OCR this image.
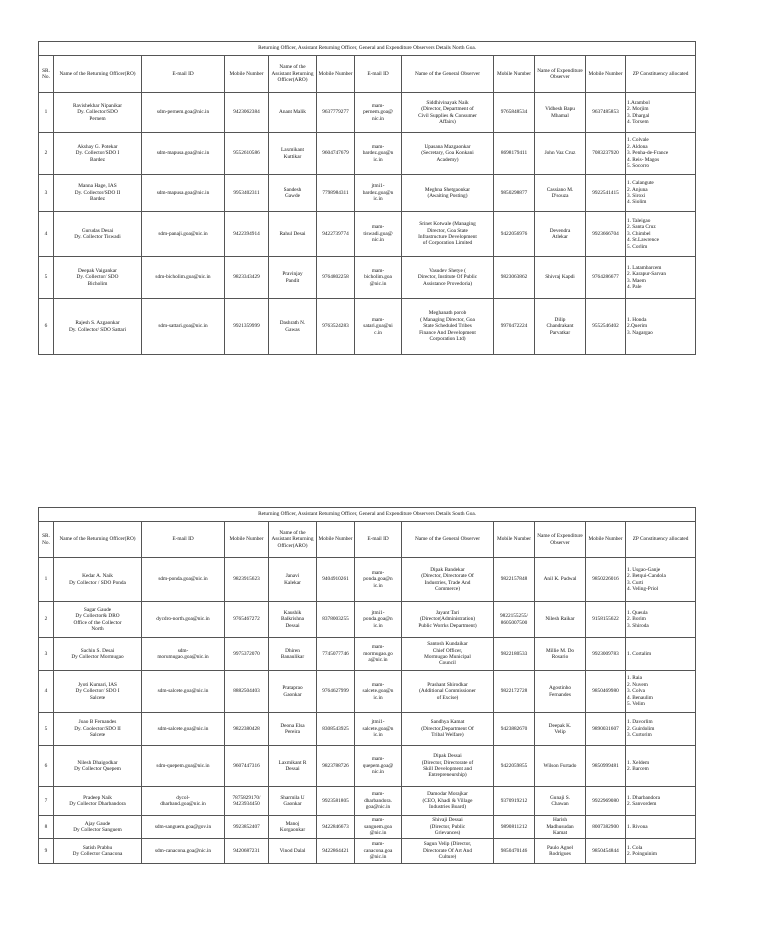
Returning Officer, Assistant Returning Officer, General and Expenditure Observers Details North Goa.											
SR. No.	Name of the Returning Officer(RO)	E-mail ID	Mobile Number	Name of the Assistant Returning Officer(ARO)	Mobile Number	E-mail ID	Name of the General Observer	Mobile Number	Name of Expenditure Observer	Mobile Number	ZP Constituency allocated
1	Ravishekhar Nipanikar
Dy. Collector/SDO
Pernem	sdm-pernem.goa@nic.in	9423062384	Anant Malik	9637779277	mam-
pernem.goa@
nic.in	Siddhivinayak Naik
(Director, Department of
Civil Supplies & Consumer
Affairs)	9765848534	Vidhesh Bapu
Mhamal	9637485853	1.Arambol
2. Morjim
3. Dhargal
4. Torxem
2	Akshay G. Potekar
Dy. Collector/SDO I
Bardez	sdm-mapusa.goa@nic.in	9552610586	Laxmikant
Kuttikar	9604747679	mam-
bardez.goa@n
ic.in	Upasana Mazgaonkar
(Secretary, Goa Konkani
Academy)	8698179411	John Vaz Cruz	7083237920	1. Colvale
2. Aldona
3. Penha-de-France
4. Reis- Magos
5. Socorro
3	Manna Hage, IAS
Dy. Collector/SDO II
Bardez	sdm-mapusa.goa@nic.in	9953402311	Sandesh
Gawde	7798984311	jtmi1-
bardez.goa@n
ic.in	Meghna Shetgaonkar
(Awaiting Posting)	9850298877	Cassiano M.
D'souza	9922541415	1. Calangute
2. Anjuna
3. Siroxi
4. Siolim
4	Gurudas Desai
Dy. Collector Tiswadi	sdm-panaji.goa@nic.in	9422394914	Rahul Desai	9422739774	mam-
tiswadi.goa@
nic.in	Srinet Kotwale (Managing
Director, Goa State
Infrastructure Development
of Corporation Limited	9422056976	Devendra
Atlekar	9923666704	1. Taleigao
2. Santa Cruz
3. Chimbel
4. St.Lawrence
5. Corlim
5	Deepak Vaigankar
Dy. Collector/ SDO
Bicholim	sdm-bicholim.goa@nic.in	9823343429	Pravinjay
Pandit	9764802258	mam-
bicholim.goa
@nic.in	Vasudev Shetye (
Director, Institute Of Public
Assistance Provedoria)	9823063862	Shivraj Kapdi	9764286677	1. Latambarcem
2. Karapur-Sarvan
3. Maem
4. Pale
6	Rajesh S. Azgaonkar
Dy. Collector/ SDO Sattari	sdm-sattari.goa@nic.in	9921359999	Dashrath N.
Gawas	9763524283	mam-
satari.goa@ni
c.in	Meghanath porob
( Managing Director, Goa
State Scheduled Tribes
Finance And Development
Corporation Ltd)	9970472224	Dilip
Chandrakant
Parvatkar	9552546402	1. Honda
2.Querim
3. Nagargao
Returning Officer, Assistant Returning Officer, General and Expenditure Observers Details South Goa.											
SR. No.	Name of the Returning Officer(RO)	E-mail ID	Mobile Number	Name of the Assistant Returning Officer(ARO)	Mobile Number	E-mail ID	Name of the General Observer	Mobile Number	Name of Expenditure Observer	Mobile Number	ZP Constituency allocated
1	Kedar A. Naik
Dy Collector / SDO Ponda	sdm-ponda.goa@nic.in	9823915623	Janavi
Kalekar	9404910261	mam-
ponda.goa@n
ic.in	Dipak Bandekar
(Director, Directorate Of
Industries, Trade And
Commerce)	9822157848	Anil K. Padwal	9850226016	1. Usgao-Ganje
2. Betqui-Candola
3. Curti
4. Veling-Priol
2	Sagar Gaude
Dy Collector& DRO
Office of the Collector
North	dycdro-north.goa@nic.in	9765467272	Kaushik
Balkrishna
Dessai	8378003255	jtmi1-
ponda.goa@n
ic.in	Jayant Tari
(Director(Administration)
Public Worrks Department)	9822155255/
8605007500	Nilesh Raikar	9158155622	1. Queula
2. Borim
3. Shiroda
3	Sachin S. Desai
Dy Collector Mormugao	sdm-
morumugao.goa@nic.in	9975372070	Dhiren
Banaulikar	7745077746	mam-
mormugao.go
a@nic.in	Santosh Kundaikar
Chief Officer,
Mormugao Municipal
Council	9822180533	Millie M. Do
Rosario	9923009783	1. Cortalim
4	Jyoti Kumari, IAS
Dy Collector/ SDO I
Salcete	sdm-salcete.goa@nic.in	8882504403	Prataprao
Gaonkar	9764627999	mam-
salcete.goa@n
ic.in	Prashant Shirodkar
(Additional Commissioner
of Excise)	9822172728	Agostinho
Fernandes	9850469980	1. Raia
2. Nuvem
3. Colva
4. Benaulim
5. Velim
5	Joao B Fernandes
Dy. Coolector/SDO II
Salcete	sdm-salcete.goa@nic.in	9822380428	Deona Elsa
Pereira	8308543925	jtmi1-
salcete.goa@n
ic.in	Sandhya Kamat
(Director,Department Of
Tribal Welfare)	9423882670	Deepak K.
Velip	9890031607	1. Davorlim
2. Guirdolim
3. Curtorim
6	Nilesh Dhaigodkar
Dy Collector Quepem	sdm-quepem.goa@nic.in	9607447316	Laxmikant R
Dessai	9823788726	mam-
quepem.goa@
nic.in	Dipak Dessai
(Director, Directorate of
Skill Development and
Entrepreneurship)	9422059855	Wilson Furtado	9850999481	1. Xeldem
2. Barcem
7	Pradeep Naik
Dy Collector Dharbandora	dycol-
dharband.goa@nic.in	7875829170/
9423934450	Sharmila U
Gaonkar	9923581805	mam-
dharbandora.
goa@nic.in	Damodar Morajkar
(CEO, Khadi & Village
Industries Board)	9370919212	Gunaji S.
Chawan	9922969080	1. Dharbandora
2. Sanvordem
8	Ajay Gaude
Dy Collector Sanguem	sdm-sanguem.goa@gov.in	9923852407	Manoj
Korgaonkar	9422846673	mam-
sanguem.goa
@nic.in	Shivaji Dessai
(Director, Public
Grievances)	9890811212	Harish
Madhusudan
Kamat	8007382900	1. Rivona
9	Satish Prabhu
Dy Collector Canacona	sdm-canacona.goa@nic.in	9420687231	Vinod Dalal	9422864421	mam-
canacona.goa
@nic.in	Sagun Velip (Director,
Directorate Of Art And
Culture)	9850470146	Paulo Agnel
Rodrigues	9850454844	1. Cola
2. Poinguinim
